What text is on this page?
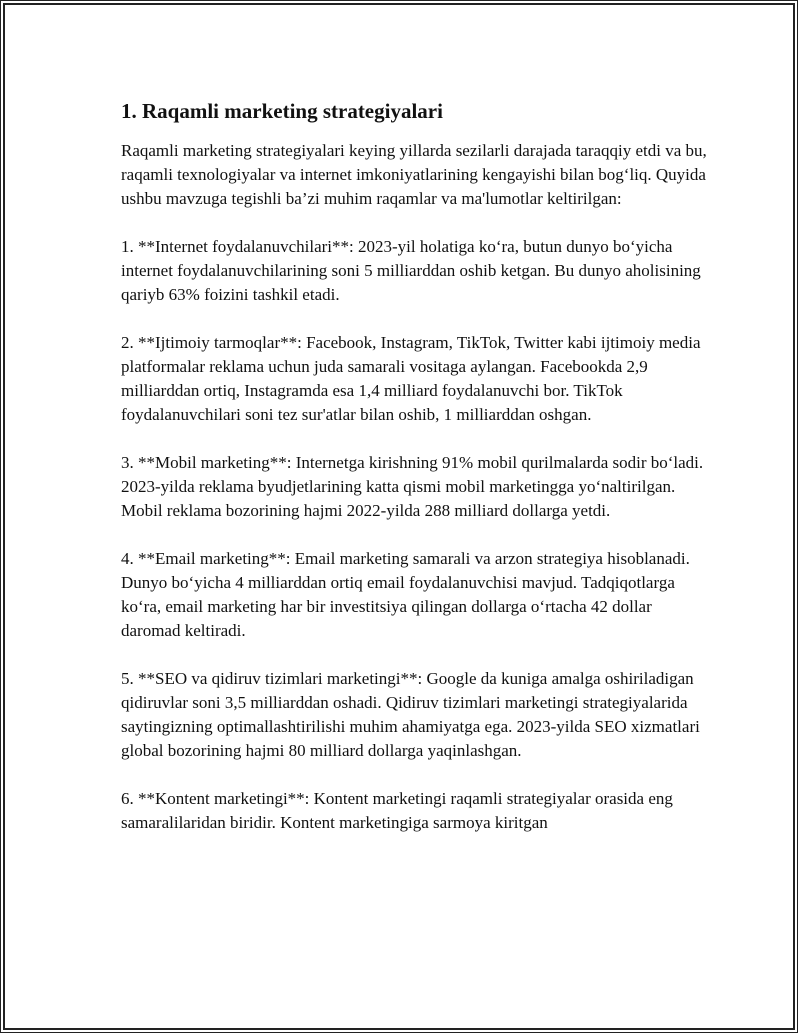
1. Raqamli marketing strategiyalari

Raqamli marketing strategiyalari keying yillarda sezilarli darajada taraqqiy etdi va bu, raqamli texnologiyalar va internet imkoniyatlarining kengayishi bilan bog‘liq. Quyida ushbu mavzuga tegishli ba’zi muhim raqamlar va ma'lumotlar keltirilgan:

1. **Internet foydalanuvchilari**: 2023-yil holatiga ko‘ra, butun dunyo bo‘yicha internet foydalanuvchilarining soni 5 milliarddan oshib ketgan. Bu dunyo aholisining qariyb 63% foizini tashkil etadi.

2. **Ijtimoiy tarmoqlar**: Facebook, Instagram, TikTok, Twitter kabi ijtimoiy media platformalar reklama uchun juda samarali vositaga aylangan. Facebookda 2,9 milliarddan ortiq, Instagramda esa 1,4 milliard foydalanuvchi bor. TikTok foydalanuvchilari soni tez sur'atlar bilan oshib, 1 milliarddan oshgan.

3. **Mobil marketing**: Internetga kirishning 91% mobil qurilmalarda sodir bo‘ladi. 2023-yilda reklama byudjetlarining katta qismi mobil marketingga yo‘naltirilgan. Mobil reklama bozorining hajmi 2022-yilda 288 milliard dollarga yetdi.

4. **Email marketing**: Email marketing samarali va arzon strategiya hisoblanadi. Dunyo bo‘yicha 4 milliarddan ortiq email foydalanuvchisi mavjud. Tadqiqotlarga ko‘ra, email marketing har bir investitsiya qilingan dollarga o‘rtacha 42 dollar daromad keltiradi.

5. **SEO va qidiruv tizimlari marketingi**: Google da kuniga amalga oshiriladigan qidiruvlar soni 3,5 milliarddan oshadi. Qidiruv tizimlari marketingi strategiyalarida saytingizning optimallashtirilishi muhim ahamiyatga ega. 2023-yilda SEO xizmatlari global bozorining hajmi 80 milliard dollarga yaqinlashgan.

6. **Kontent marketingi**: Kontent marketingi raqamli strategiyalar orasida eng samaralilaridan biridir. Kontent marketingiga sarmoya kiritgan
